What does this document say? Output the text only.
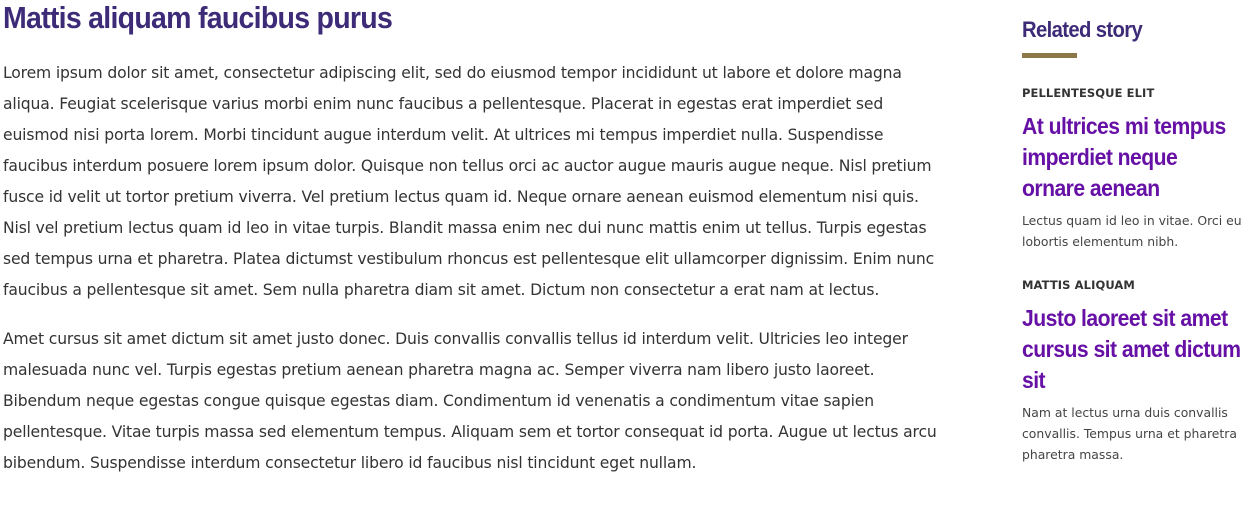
Mattis aliquam faucibus purus

Lorem ipsum dolor sit amet, consectetur adipiscing elit, sed do eiusmod tempor incididunt ut labore et dolore magna aliqua. Feugiat scelerisque varius morbi enim nunc faucibus a pellentesque. Placerat in egestas erat imperdiet sed euismod nisi porta lorem. Morbi tincidunt augue interdum velit. At ultrices mi tempus imperdiet nulla. Suspendisse faucibus interdum posuere lorem ipsum dolor. Quisque non tellus orci ac auctor augue mauris augue neque. Nisl pretium fusce id velit ut tortor pretium viverra. Vel pretium lectus quam id. Neque ornare aenean euismod elementum nisi quis. Nisl vel pretium lectus quam id leo in vitae turpis. Blandit massa enim nec dui nunc mattis enim ut tellus. Turpis egestas sed tempus urna et pharetra. Platea dictumst vestibulum rhoncus est pellentesque elit ullamcorper dignissim. Enim nunc faucibus a pellentesque sit amet. Sem nulla pharetra diam sit amet. Dictum non consectetur a erat nam at lectus.

Amet cursus sit amet dictum sit amet justo donec. Duis convallis convallis tellus id interdum velit. Ultricies leo integer malesuada nunc vel. Turpis egestas pretium aenean pharetra magna ac. Semper viverra nam libero justo laoreet. Bibendum neque egestas congue quisque egestas diam. Condimentum id venenatis a condimentum vitae sapien pellentesque. Vitae turpis massa sed elementum tempus. Aliquam sem et tortor consequat id porta. Augue ut lectus arcu bibendum. Suspendisse interdum consectetur libero id faucibus nisl tincidunt eget nullam.

Related story
PELLENTESQUE ELIT
At ultrices mi tempus imperdiet neque ornare aenean

Lectus quam id leo in vitae. Orci eu lobortis elementum nibh.

MATTIS ALIQUAM
Justo laoreet sit amet cursus sit amet dictum sit

Nam at lectus urna duis convallis convallis. Tempus urna et pharetra pharetra massa.
